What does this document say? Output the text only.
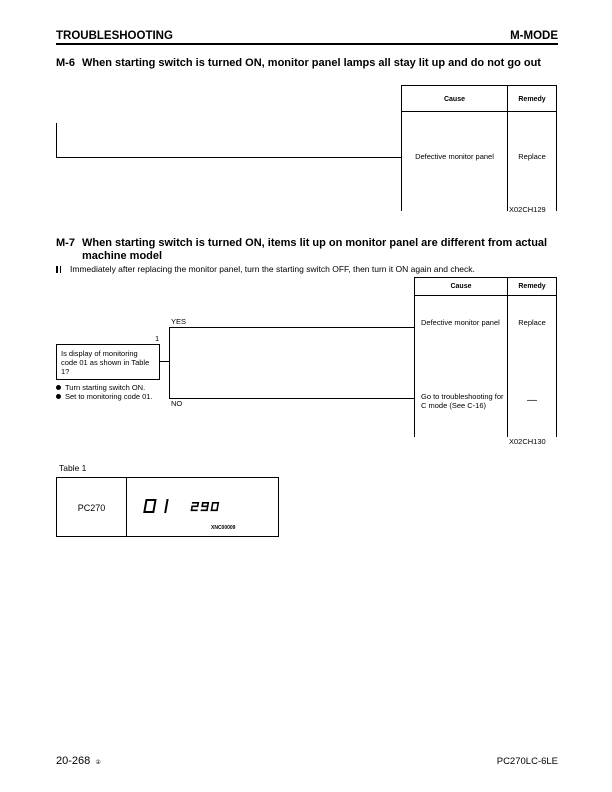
TROUBLESHOOTING	M-MODE
M-6 When starting switch is turned ON, monitor panel lamps all stay lit up and do not go out
Cause	Remedy
Defective monitor panel	Replace
X02CH129
M-7 When starting switch is turned ON, items lit up on monitor panel are different from actual machine model
Immediately after replacing the monitor panel, turn the starting switch OFF, then turn it ON again and check.
Cause	Remedy
1
Is display of monitoring code 01 as shown in Table 1?
Turn starting switch ON.
Set to monitoring code 01.
YES
NO
Defective monitor panel	Replace
Go to troubleshooting for C mode (See C-16)	—
X02CH130
Table 1
PC270
XNC00009
20-268 ②	PC270LC-6LE
